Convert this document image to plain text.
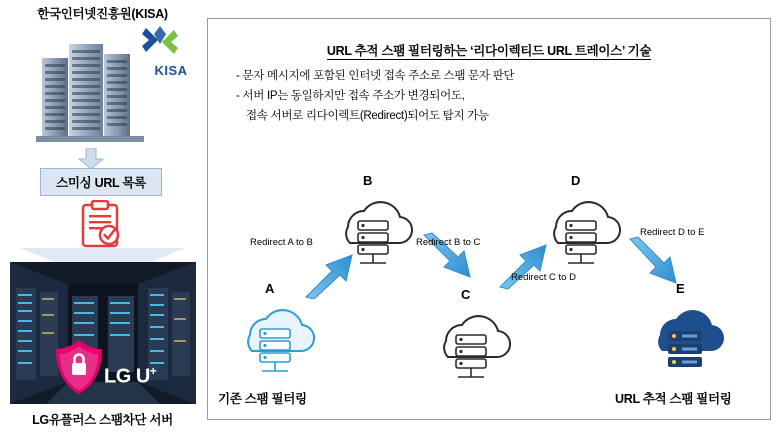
한국인터넷진흥원(KISA)
KISA
스미싱 URL 목록
LG U+
LG유플러스 스팸차단 서버
URL 추적 스팸 필터링하는 ‘리다이렉티드 URL 트레이스’ 기술
- 문자 메시지에 포함된 인터넷 접속 주소로 스팸 문자 판단
- 서버 IP는 동일하지만 접속 주소가 변경되어도,
접속 서버로 리다이렉트(Redirect)되어도 탐지 가능
A
기존 스팸 필터링
Redirect A to B
B
Redirect B to C
C
Redirect C to D
D
Redirect D to E
E
URL 추적 스팸 필터링
